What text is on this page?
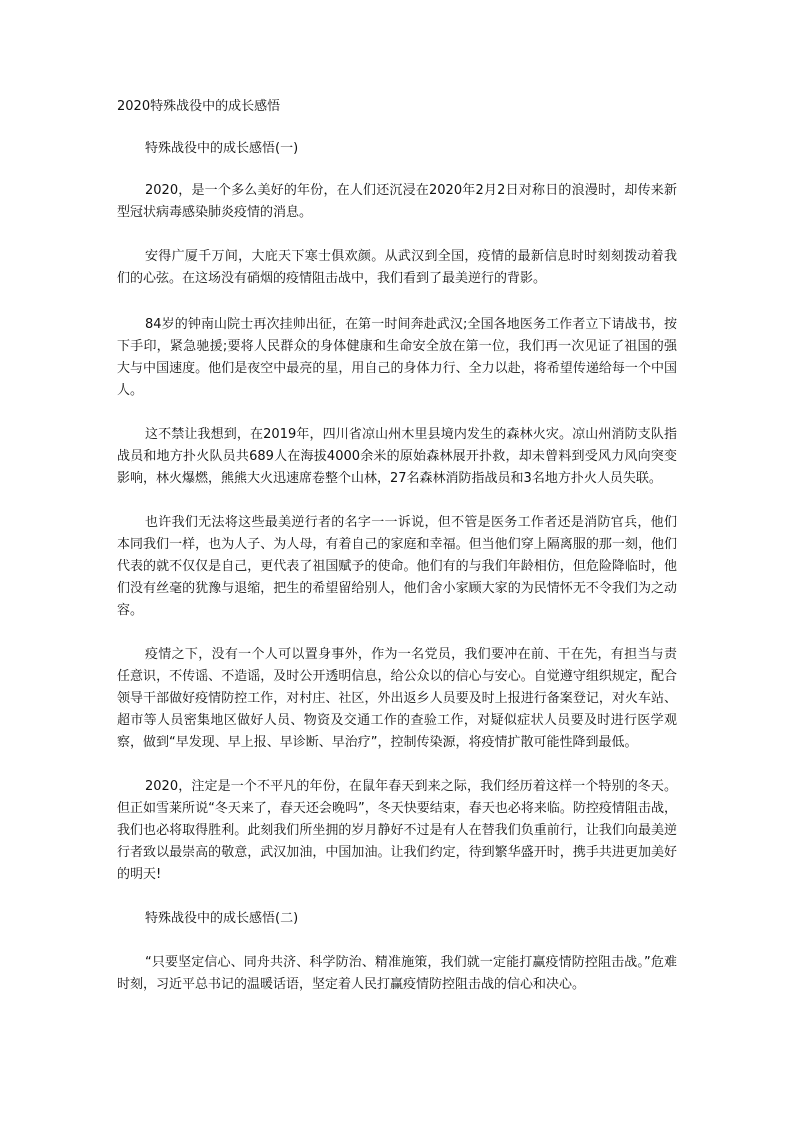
2020特殊战役中的成长感悟
特殊战役中的成长感悟(一)

2020，是一个多么美好的年份，在人们还沉浸在2020年2月2日对称日的浪漫时，却传来新型冠状病毒感染肺炎疫情的消息。

安得广厦千万间，大庇天下寒士俱欢颜。从武汉到全国，疫情的最新信息时时刻刻拨动着我们的心弦。在这场没有硝烟的疫情阻击战中，我们看到了最美逆行的背影。

84岁的钟南山院士再次挂帅出征，在第一时间奔赴武汉;全国各地医务工作者立下请战书，按下手印，紧急驰援;要将人民群众的身体健康和生命安全放在第一位，我们再一次见证了祖国的强大与中国速度。他们是夜空中最亮的星，用自己的身体力行、全力以赴，将希望传递给每一个中国人。

这不禁让我想到，在2019年，四川省凉山州木里县境内发生的森林火灾。凉山州消防支队指战员和地方扑火队员共689人在海拔4000余米的原始森林展开扑救，却未曾料到受风力风向突变影响，林火爆燃，熊熊大火迅速席卷整个山林，27名森林消防指战员和3名地方扑火人员失联。

也许我们无法将这些最美逆行者的名字一一诉说，但不管是医务工作者还是消防官兵，他们本同我们一样，也为人子、为人母，有着自己的家庭和幸福。但当他们穿上隔离服的那一刻，他们代表的就不仅仅是自己，更代表了祖国赋予的使命。他们有的与我们年龄相仿，但危险降临时，他们没有丝毫的犹豫与退缩，把生的希望留给别人，他们舍小家顾大家的为民情怀无不令我们为之动容。

疫情之下，没有一个人可以置身事外，作为一名党员，我们要冲在前、干在先，有担当与责任意识，不传谣、不造谣，及时公开透明信息，给公众以的信心与安心。自觉遵守组织规定，配合领导干部做好疫情防控工作，对村庄、社区，外出返乡人员要及时上报进行备案登记，对火车站、超市等人员密集地区做好人员、物资及交通工作的查验工作，对疑似症状人员要及时进行医学观察，做到“早发现、早上报、早诊断、早治疗”，控制传染源，将疫情扩散可能性降到最低。

2020，注定是一个不平凡的年份，在鼠年春天到来之际，我们经历着这样一个特别的冬天。但正如雪莱所说“冬天来了，春天还会晚吗”，冬天快要结束，春天也必将来临。防控疫情阻击战，我们也必将取得胜利。此刻我们所坐拥的岁月静好不过是有人在替我们负重前行，让我们向最美逆行者致以最崇高的敬意，武汉加油，中国加油。让我们约定，待到繁华盛开时，携手共进更加美好的明天!

特殊战役中的成长感悟(二)

“只要坚定信心、同舟共济、科学防治、精准施策，我们就一定能打赢疫情防控阻击战。”危难时刻，习近平总书记的温暖话语，坚定着人民打赢疫情防控阻击战的信心和决心。
